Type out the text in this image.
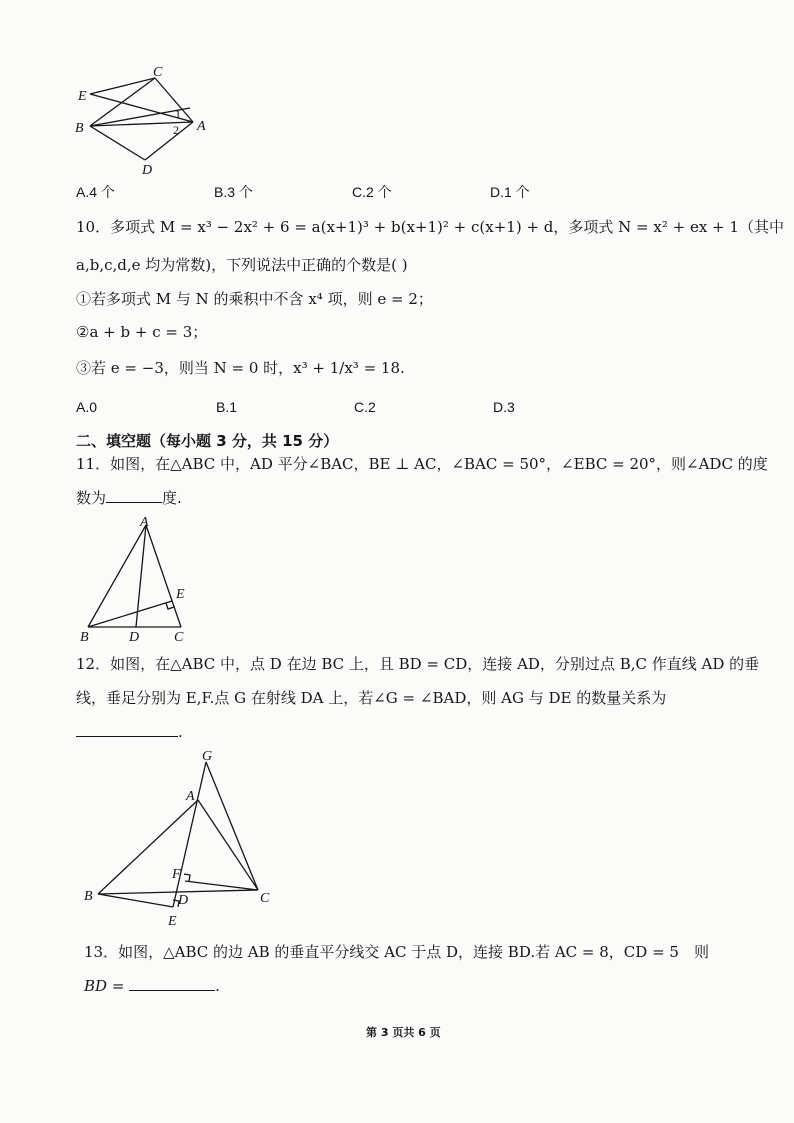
E
B
C
D
A
1
2
A.4 个	B.3 个	C.2 个	D.1 个
10．多项式 M = x³ − 2x² + 6 = a(x+1)³ + b(x+1)² + c(x+1) + d，多项式 N = x² + ex + 1（其中
a,b,c,d,e 均为常数)，下列说法中正确的个数是( )
①若多项式 M 与 N 的乘积中不含 x⁴ 项，则 e = 2；
②a + b + c = 3；
③若 e = −3，则当 N = 0 时，x³ + 1/x³ = 18.
A.0	B.1	C.2	D.3
二、填空题（每小题 3 分，共 15 分）
11．如图，在△ABC 中，AD 平分∠BAC，BE ⊥ AC，∠BAC = 50°，∠EBC = 20°，则∠ADC 的度
数为	度.
A
E
B	D C
12．如图，在△ABC 中，点 D 在边 BC 上，且 BD = CD，连接 AD，分别过点 B,C 作直线 AD 的垂
线，垂足分别为 E,F.点 G 在射线 DA 上，若∠G = ∠BAD，则 AG 与 DE 的数量关系为
.
G
A
F
B	D	C
E
13．如图，△ABC 的边 AB 的垂直平分线交 AC 于点 D，连接 BD.若 AC = 8，CD = 5　则
BD =	.
第 3 页共 6 页
